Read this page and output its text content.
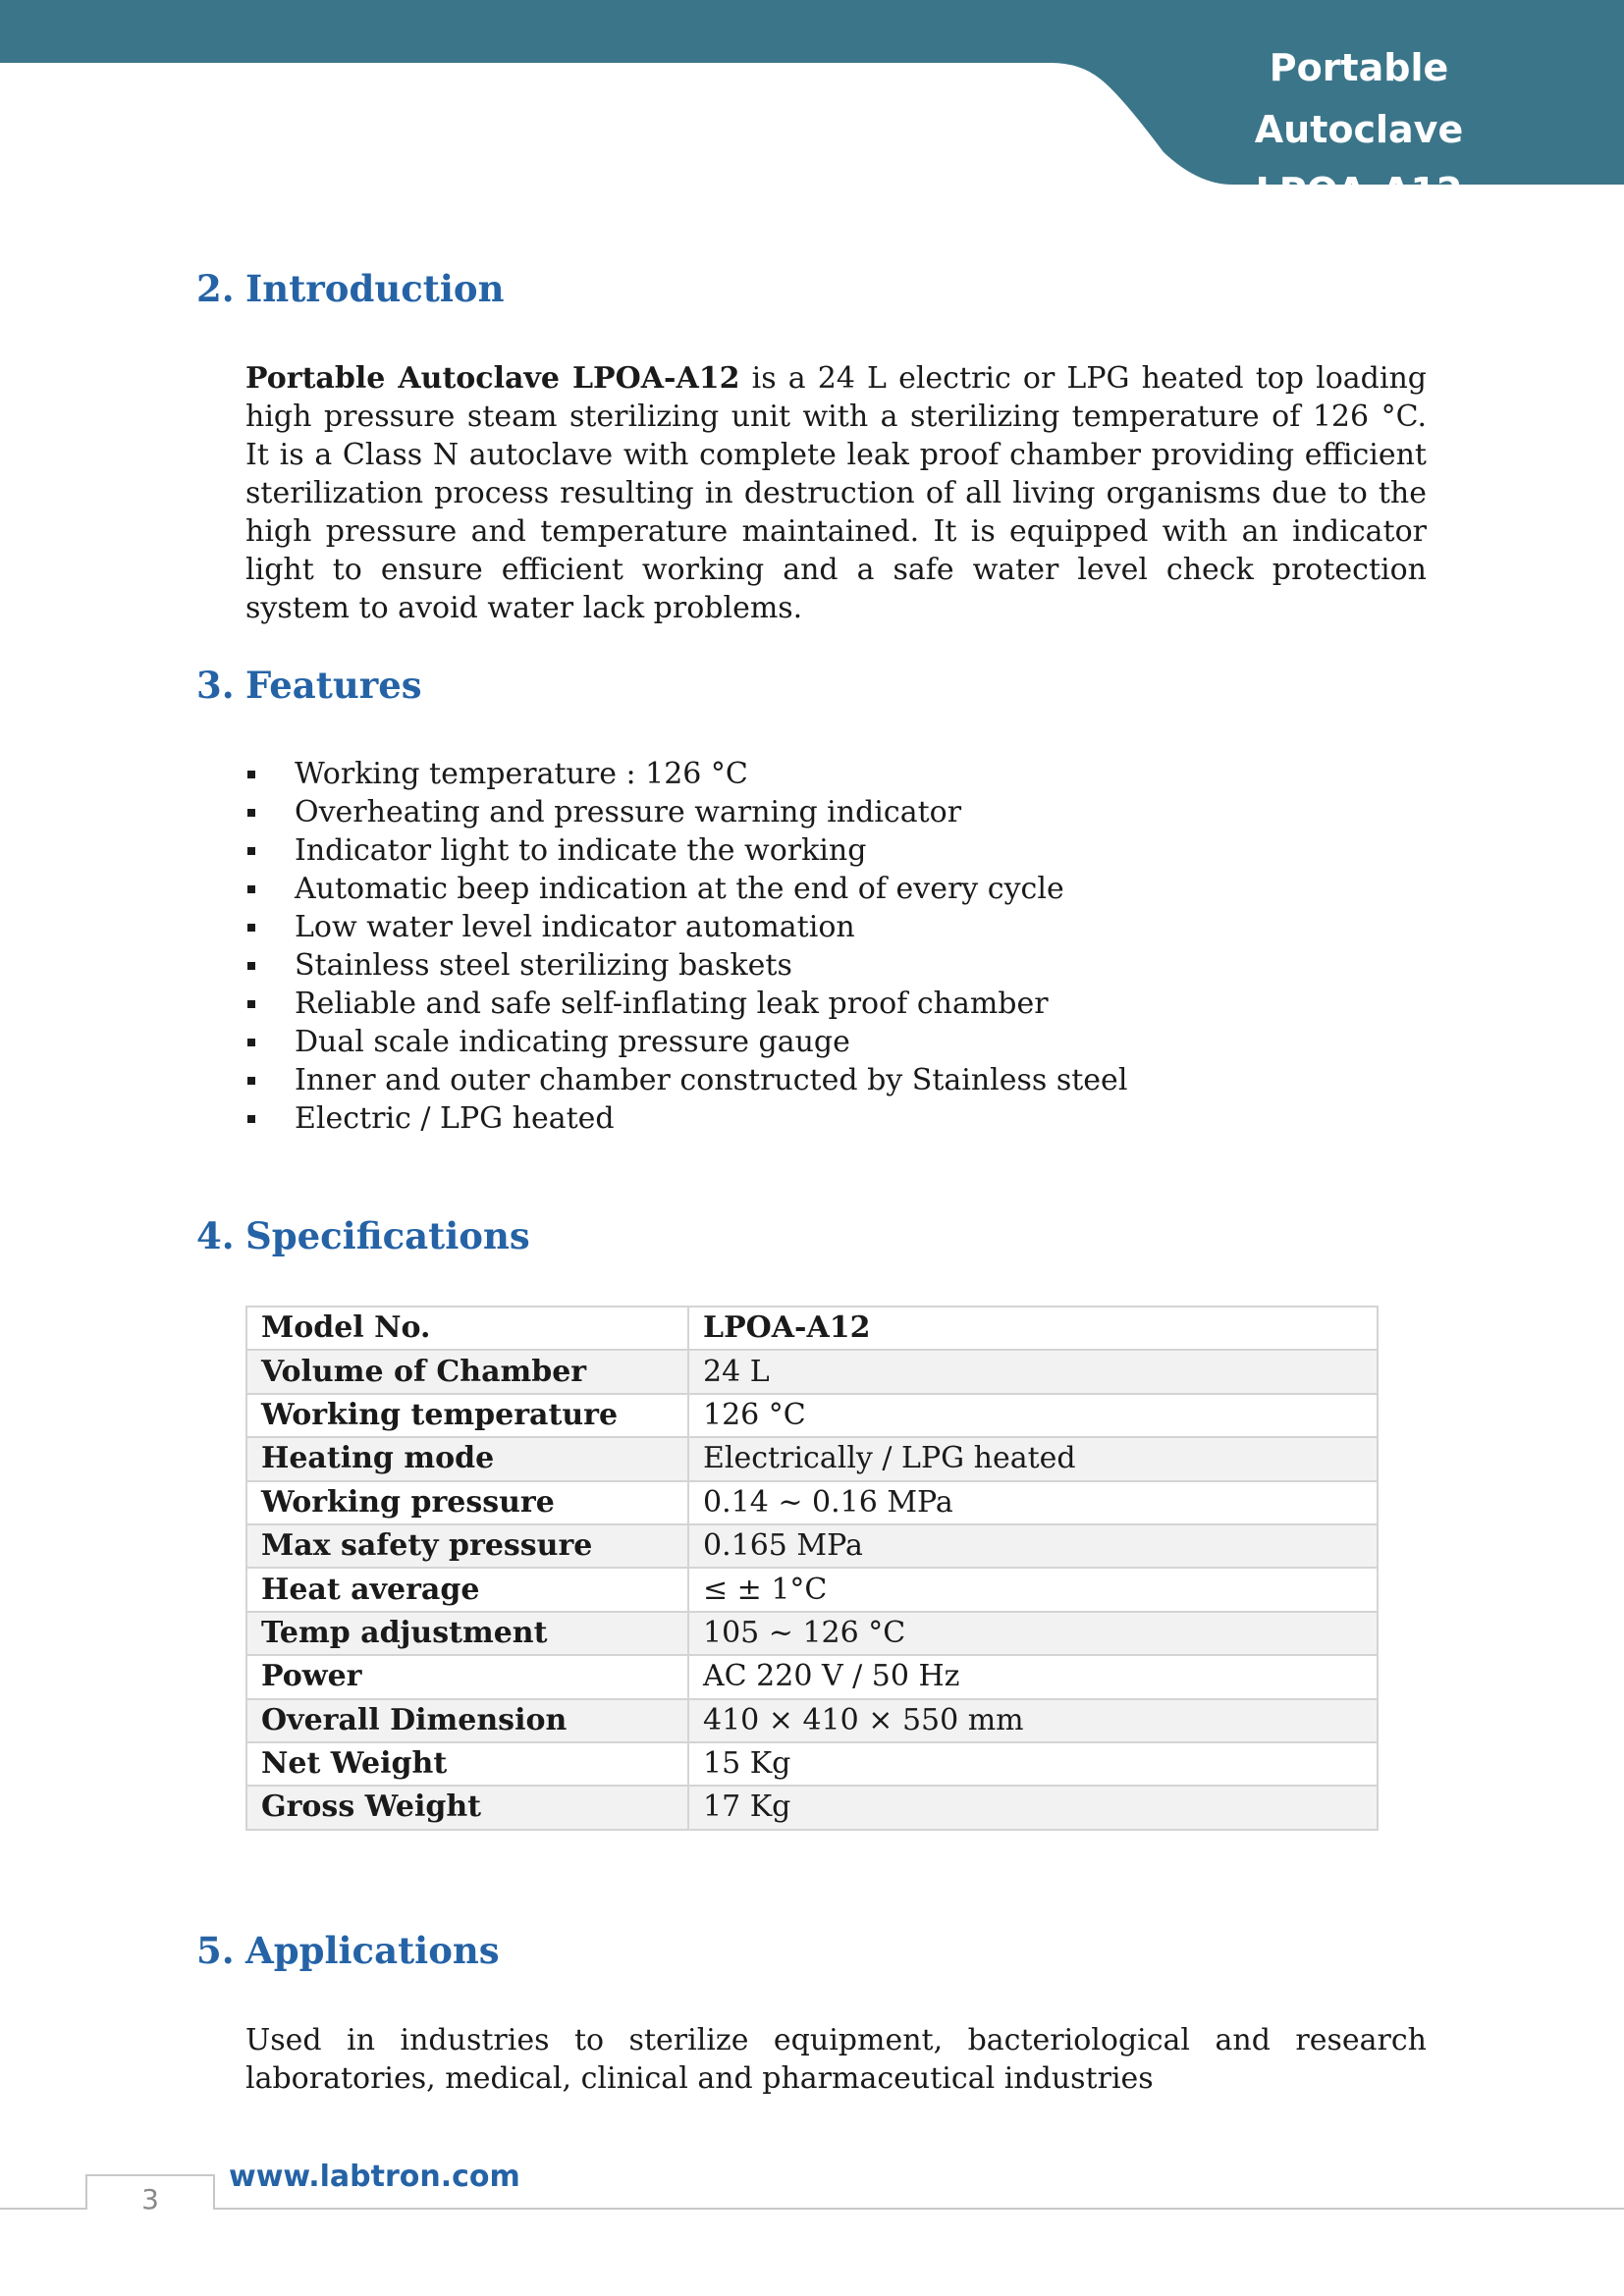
Portable Autoclave
LPOA-A12
2. Introduction

Portable Autoclave LPOA-A12 is a 24 L electric or LPG heated top loading high pressure steam sterilizing unit with a sterilizing temperature of 126 °C. It is a Class N autoclave with complete leak proof chamber providing efficient sterilization process resulting in destruction of all living organisms due to the high pressure and temperature maintained. It is equipped with an indicator light to ensure efficient working and a safe water level check protection system to avoid water lack problems.

3. Features
Working temperature : 126 °C
Overheating and pressure warning indicator
Indicator light to indicate the working
Automatic beep indication at the end of every cycle
Low water level indicator automation
Stainless steel sterilizing baskets
Reliable and safe self-inflating leak proof chamber
Dual scale indicating pressure gauge
Inner and outer chamber constructed by Stainless steel
Electric / LPG heated
4. Specifications
Model No.	LPOA-A12
Volume of Chamber	24 L
Working temperature	126 °C
Heating mode	Electrically / LPG heated
Working pressure	0.14 ~ 0.16 MPa
Max safety pressure	0.165 MPa
Heat average	≤ ± 1°C
Temp adjustment	105 ~ 126 °C
Power	AC 220 V / 50 Hz
Overall Dimension	410 × 410 × 550 mm
Net Weight	15 Kg
Gross Weight	17 Kg
5. Applications

Used in industries to sterilize equipment, bacteriological and research laboratories, medical, clinical and pharmaceutical industries

3
www.labtron.com
